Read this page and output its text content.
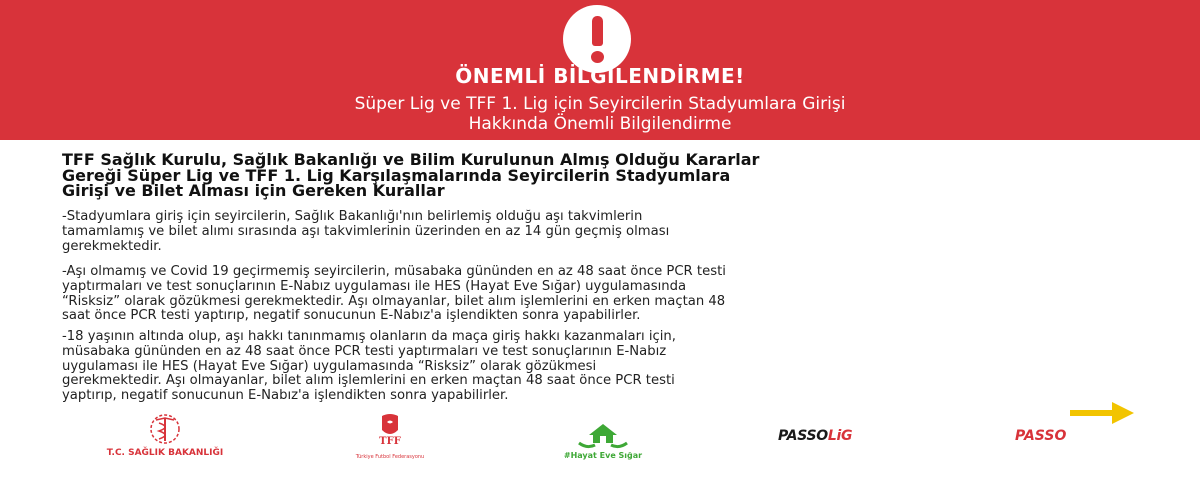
ÖNEMLİ BİLGİLENDİRME!
Süper Lig ve TFF 1. Lig için Seyircilerin Stadyumlara Girişi
Hakkında Önemli Bilgilendirme
TFF Sağlık Kurulu, Sağlık Bakanlığı ve Bilim Kurulunun Almış Olduğu Kararlar
Gereği Süper Lig ve TFF 1. Lig Karşılaşmalarında Seyircilerin Stadyumlara
Girişi ve Bilet Alması için Gereken Kurallar
-Stadyumlara giriş için seyircilerin, Sağlık Bakanlığı'nın belirlemiş olduğu aşı takvimlerin
tamamlamış ve bilet alımı sırasında aşı takvimlerinin üzerinden en az 14 gün geçmiş olması
gerekmektedir.
-Aşı olmamış ve Covid 19 geçirmemiş seyircilerin, müsabaka gününden en az 48 saat önce PCR testi
yaptırmaları ve test sonuçlarının E-Nabız uygulaması ile HES (Hayat Eve Sığar) uygulamasında
“Risksiz” olarak gözükmesi gerekmektedir. Aşı olmayanlar, bilet alım işlemlerini en erken maçtan 48
saat önce PCR testi yaptırıp, negatif sonucunun E-Nabız'a işlendikten sonra yapabilirler.
-18 yaşının altında olup, aşı hakkı tanınmamış olanların da maça giriş hakkı kazanmaları için,
müsabaka gününden en az 48 saat önce PCR testi yaptırmaları ve test sonuçlarının E-Nabız
uygulaması ile HES (Hayat Eve Sığar) uygulamasında “Risksiz” olarak gözükmesi
gerekmektedir. Aşı olmayanlar, bilet alım işlemlerini en erken maçtan 48 saat önce PCR testi
yaptırıp, negatif sonucunun E-Nabız'a işlendikten sonra yapabilirler.
T.C. SAĞLIK BAKANLIĞI
TFF
Türkiye Futbol Federasyonu	#Hayat Eve Sığar
PASSOLiG	PASSO
